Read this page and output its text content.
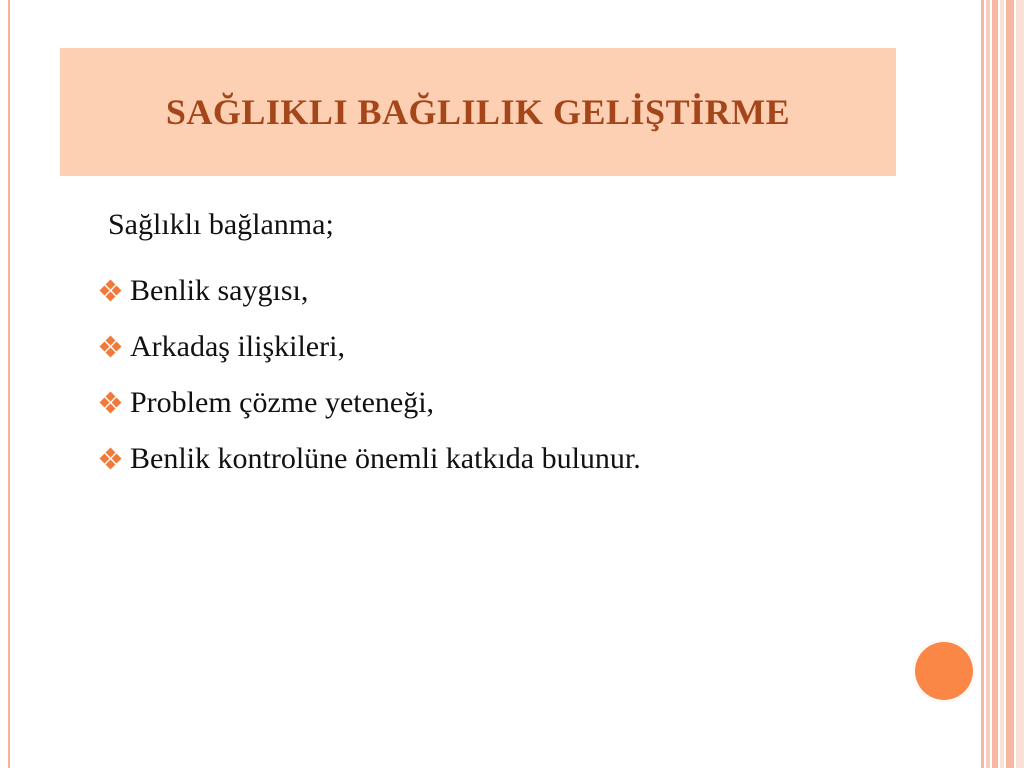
SAĞLIKLI BAĞLILIK GELİŞTİRME
Sağlıklı bağlanma;
Benlik saygısı,
Arkadaş ilişkileri,
Problem çözme yeteneği,
Benlik kontrolüne önemli katkıda bulunur.
